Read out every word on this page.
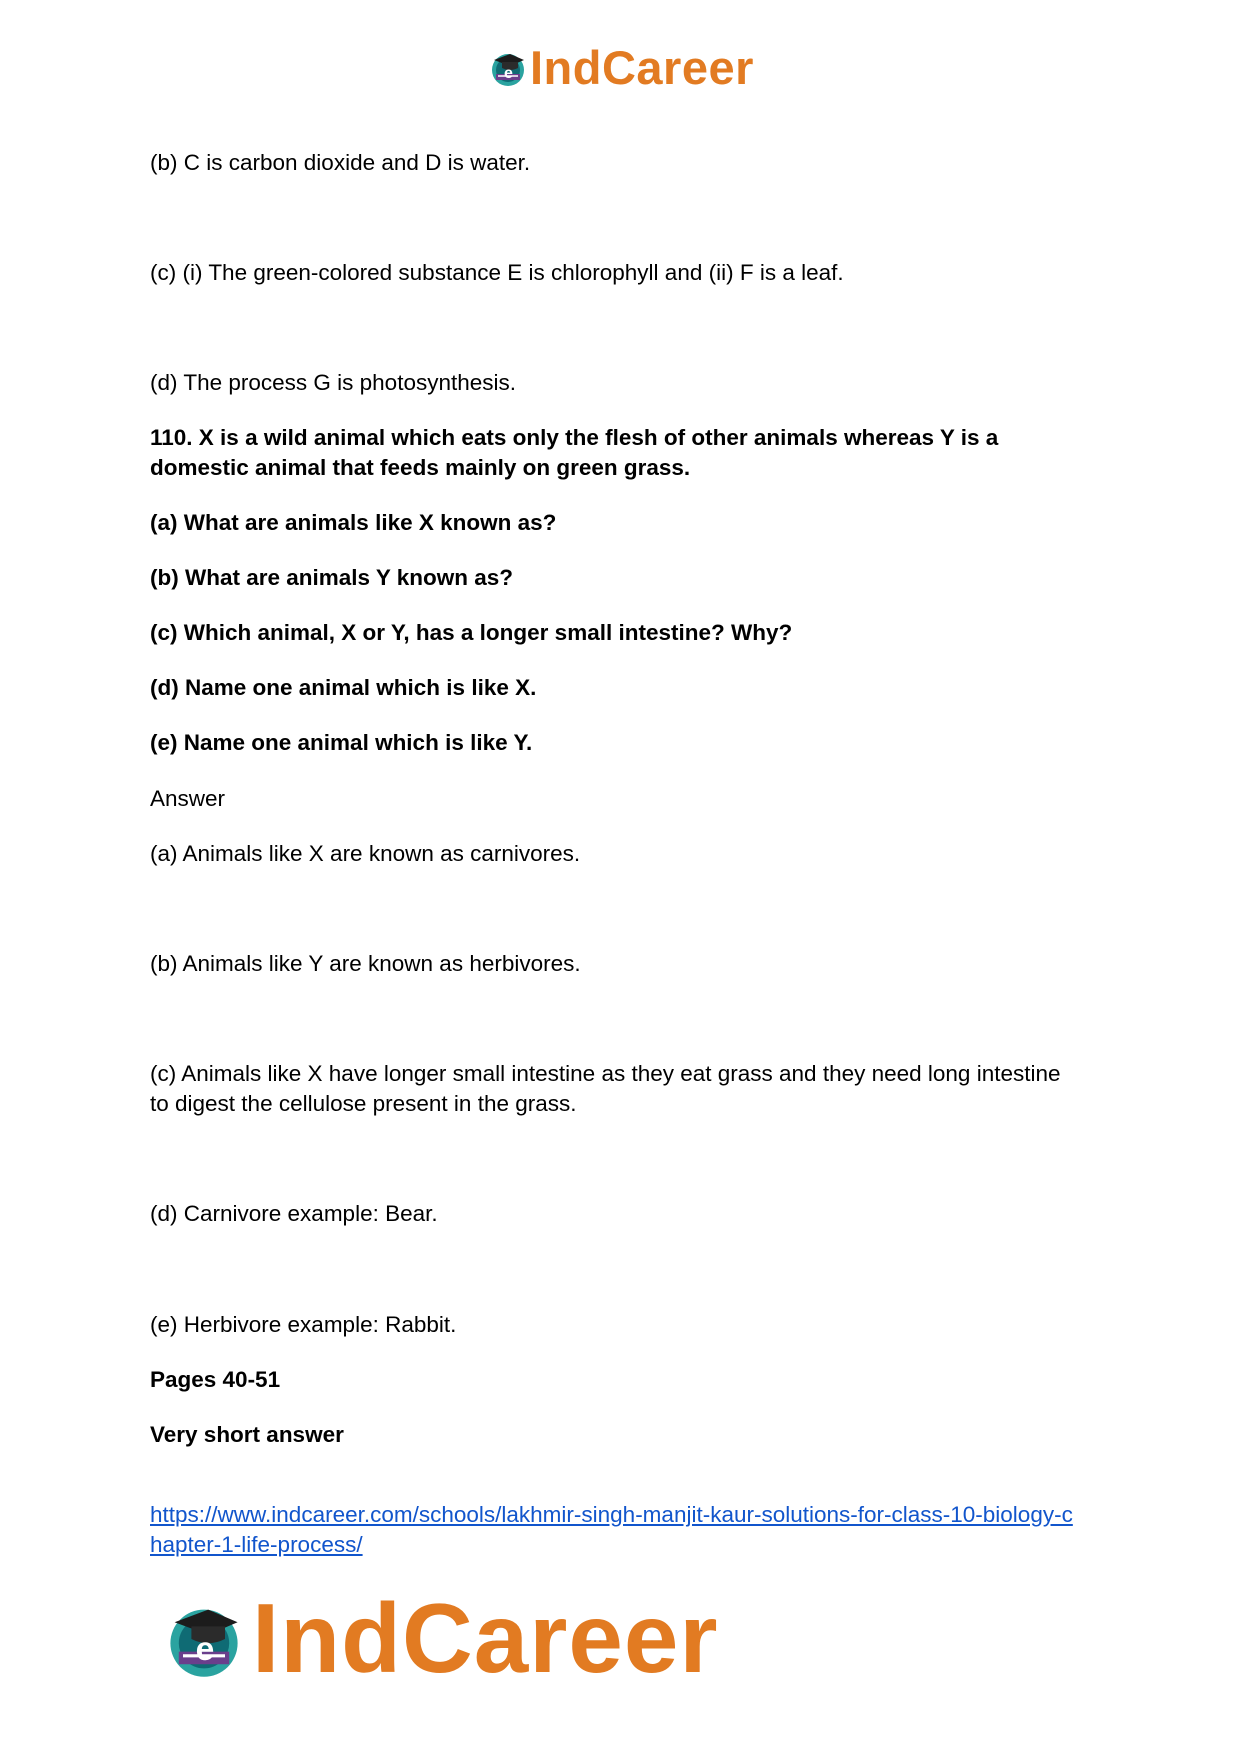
e IndCareer
(b) C is carbon dioxide and D is water.
(c) (i) The green-colored substance E is chlorophyll and (ii) F is a leaf.
(d) The process G is photosynthesis.
110. X is a wild animal which eats only the flesh of other animals whereas Y is a
domestic animal that feeds mainly on green grass.
(a) What are animals like X known as?
(b) What are animals Y known as?
(c) Which animal, X or Y, has a longer small intestine? Why?
(d) Name one animal which is like X.
(e) Name one animal which is like Y.
Answer
(a) Animals like X are known as carnivores.
(b) Animals like Y are known as herbivores.
(c) Animals like X have longer small intestine as they eat grass and they need long intestine
to digest the cellulose present in the grass.
(d) Carnivore example: Bear.
(e) Herbivore example: Rabbit.
Pages 40-51
Very short answer
https://www.indcareer.com/schools/lakhmir-singh-manjit-kaur-solutions-for-class-10-biology-c
hapter-1-life-process/
e IndCareer
